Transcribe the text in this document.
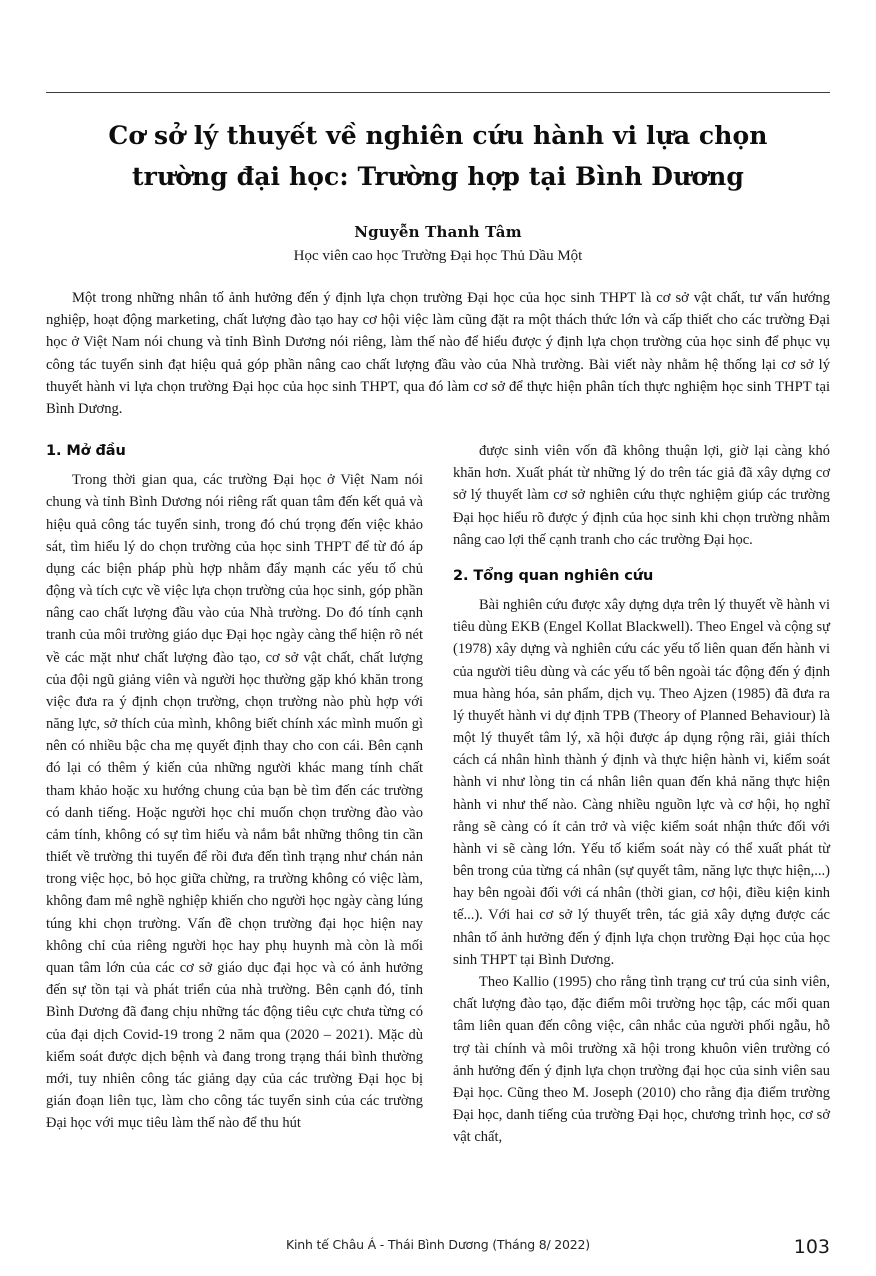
Cơ sở lý thuyết về nghiên cứu hành vi lựa chọn
trường đại học: Trường hợp tại Bình Dương
Nguyễn Thanh Tâm
Học viên cao học Trường Đại học Thủ Dầu Một

Một trong những nhân tố ảnh hưởng đến ý định lựa chọn trường Đại học của học sinh THPT là cơ sở vật chất, tư vấn hướng nghiệp, hoạt động marketing, chất lượng đào tạo hay cơ hội việc làm cũng đặt ra một thách thức lớn và cấp thiết cho các trường Đại học ở Việt Nam nói chung và tỉnh Bình Dương nói riêng, làm thế nào để hiểu được ý định lựa chọn trường của học sinh để phục vụ công tác tuyển sinh đạt hiệu quả góp phần nâng cao chất lượng đầu vào của Nhà trường. Bài viết này nhằm hệ thống lại cơ sở lý thuyết hành vi lựa chọn trường Đại học của học sinh THPT, qua đó làm cơ sở để thực hiện phân tích thực nghiệm học sinh THPT tại Bình Dương.

1. Mở đầu

Trong thời gian qua, các trường Đại học ở Việt Nam nói chung và tỉnh Bình Dương nói riêng rất quan tâm đến kết quả và hiệu quả công tác tuyển sinh, trong đó chú trọng đến việc khảo sát, tìm hiểu lý do chọn trường của học sinh THPT để từ đó áp dụng các biện pháp phù hợp nhằm đẩy mạnh các yếu tố chủ động và tích cực về việc lựa chọn trường của học sinh, góp phần nâng cao chất lượng đầu vào của Nhà trường. Do đó tính cạnh tranh của môi trường giáo dục Đại học ngày càng thể hiện rõ nét về các mặt như chất lượng đào tạo, cơ sở vật chất, chất lượng của đội ngũ giảng viên và người học thường gặp khó khăn trong việc đưa ra ý định chọn trường, chọn trường nào phù hợp với năng lực, sở thích của mình, không biết chính xác mình muốn gì nên có nhiều bậc cha mẹ quyết định thay cho con cái. Bên cạnh đó lại có thêm ý kiến của những người khác mang tính chất tham khảo hoặc xu hướng chung của bạn bè tìm đến các trường có danh tiếng. Hoặc người học chỉ muốn chọn trường đào vào cảm tính, không có sự tìm hiểu và nắm bắt những thông tin cần thiết về trường thi tuyển để rồi đưa đến tình trạng như chán nản trong việc học, bỏ học giữa chừng, ra trường không có việc làm, không đam mê nghề nghiệp khiến cho người học ngày càng lúng túng khi chọn trường. Vấn đề chọn trường đại học hiện nay không chỉ của riêng người học hay phụ huynh mà còn là mối quan tâm lớn của các cơ sở giáo dục đại học và có ảnh hưởng đến sự tồn tại và phát triển của nhà trường. Bên cạnh đó, tỉnh Bình Dương đã đang chịu những tác động tiêu cực chưa từng có của đại dịch Covid-19 trong 2 năm qua (2020 – 2021). Mặc dù kiểm soát được dịch bệnh và đang trong trạng thái bình thường mới, tuy nhiên công tác giảng dạy của các trường Đại học bị gián đoạn liên tục, làm cho công tác tuyển sinh của các trường Đại học với mục tiêu làm thế nào để thu hút

được sinh viên vốn đã không thuận lợi, giờ lại càng khó khăn hơn. Xuất phát từ những lý do trên tác giả đã xây dựng cơ sở lý thuyết làm cơ sở nghiên cứu thực nghiệm giúp các trường Đại học hiểu rõ được ý định của học sinh khi chọn trường nhằm nâng cao lợi thế cạnh tranh cho các trường Đại học.

2. Tổng quan nghiên cứu

Bài nghiên cứu được xây dựng dựa trên lý thuyết về hành vi tiêu dùng EKB (Engel Kollat Blackwell). Theo Engel và cộng sự (1978) xây dựng và nghiên cứu các yếu tố liên quan đến hành vi của người tiêu dùng và các yếu tố bên ngoài tác động đến ý định mua hàng hóa, sản phẩm, dịch vụ. Theo Ajzen (1985) đã đưa ra lý thuyết hành vi dự định TPB (Theory of Planned Behaviour) là một lý thuyết tâm lý, xã hội được áp dụng rộng rãi, giải thích cách cá nhân hình thành ý định và thực hiện hành vi, kiểm soát hành vi như lòng tin cá nhân liên quan đến khả năng thực hiện hành vi như thế nào. Càng nhiều nguồn lực và cơ hội, họ nghĩ rằng sẽ càng có ít cản trở và việc kiểm soát nhận thức đối với hành vi sẽ càng lớn. Yếu tố kiểm soát này có thể xuất phát từ bên trong của từng cá nhân (sự quyết tâm, năng lực thực hiện,...) hay bên ngoài đối với cá nhân (thời gian, cơ hội, điều kiện kinh tế...). Với hai cơ sở lý thuyết trên, tác giả xây dựng được các nhân tố ảnh hưởng đến ý định lựa chọn trường Đại học của học sinh THPT tại Bình Dương.

Theo Kallio (1995) cho rằng tình trạng cư trú của sinh viên, chất lượng đào tạo, đặc điểm môi trường học tập, các mối quan tâm liên quan đến công việc, cân nhắc của người phối ngẫu, hỗ trợ tài chính và môi trường xã hội trong khuôn viên trường có ảnh hưởng đến ý định lựa chọn trường đại học của sinh viên sau Đại học. Cũng theo M. Joseph (2010) cho rằng địa điểm trường Đại học, danh tiếng của trường Đại học, chương trình học, cơ sở vật chất,

Kinh tế Châu Á - Thái Bình Dương (Tháng 8/ 2022)	103
